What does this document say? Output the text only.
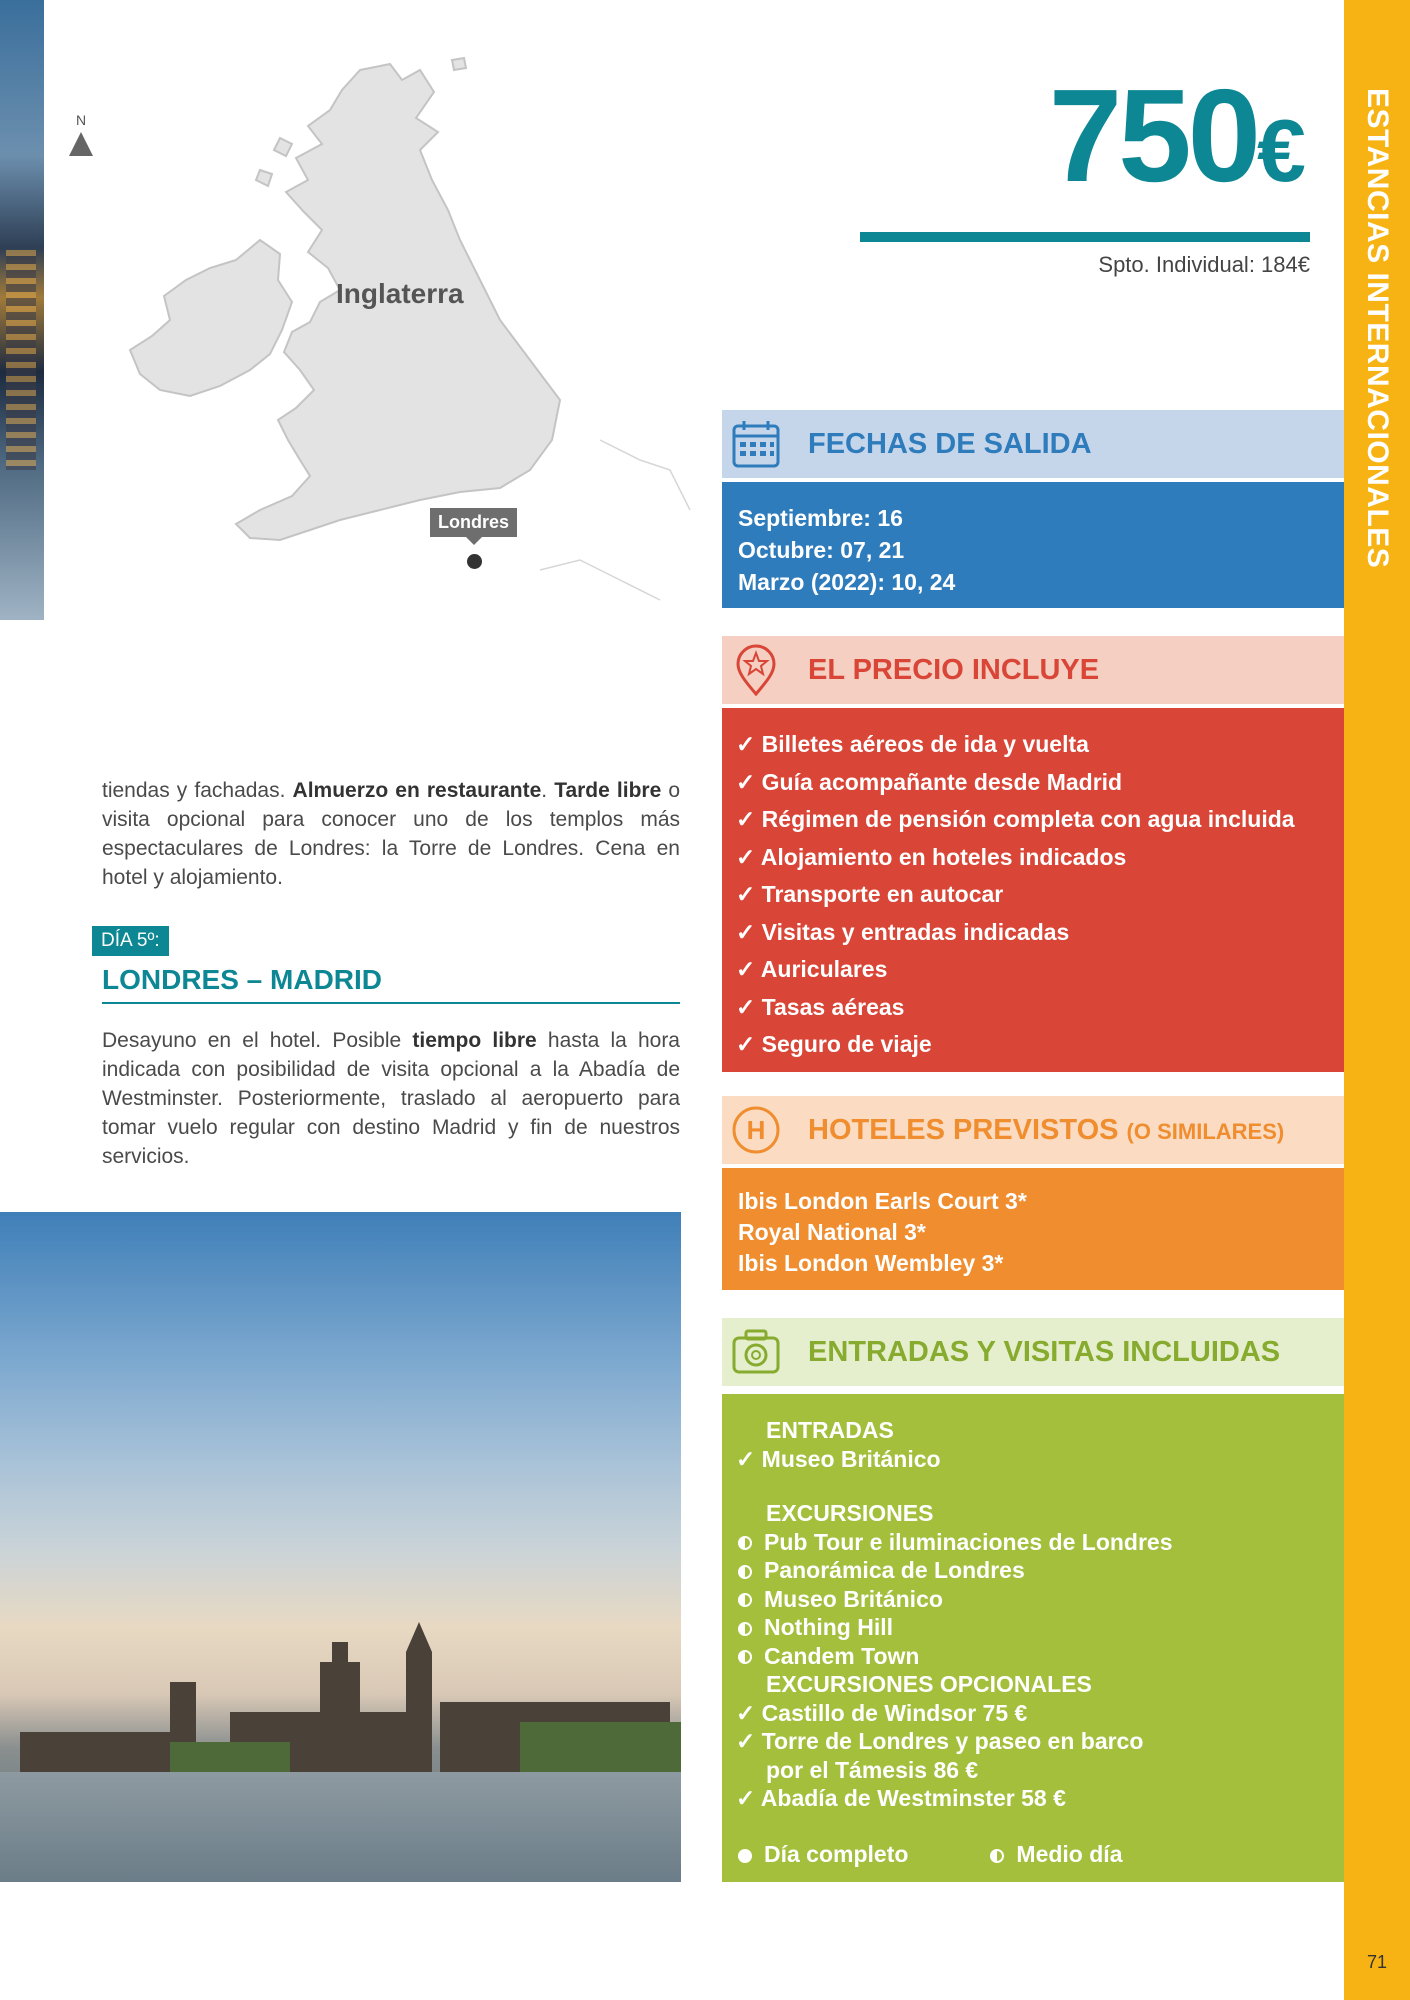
N
Inglaterra
Londres
750€
Spto. Individual: 184€ ESTANCIAS INTERNACIONALES
71

tiendas y fachadas. Almuerzo en restaurante. Tarde libre o visita opcional para conocer uno de los templos más espectaculares de Londres: la Torre de Londres. Cena en hotel y alojamiento.

DÍA 5º:
LONDRES – MADRID

Desayuno en el hotel. Posible tiempo libre hasta la hora indicada con posibilidad de visita opcional a la Abadía de Westminster. Posteriormente, traslado al aeropuerto para tomar vuelo regular con destino Madrid y fin de nuestros servicios.

FECHAS DE SALIDA
Septiembre: 16
Octubre: 07, 21
Marzo (2022): 10, 24
EL PRECIO INCLUYE
✓ Billetes aéreos de ida y vuelta
✓ Guía acompañante desde Madrid
✓ Régimen de pensión completa con agua incluida
✓ Alojamiento en hoteles indicados
✓ Transporte en autocar
✓ Visitas y entradas indicadas
✓ Auriculares
✓ Tasas aéreas
✓ Seguro de viaje
H HOTELES PREVISTOS (O SIMILARES)
Ibis London Earls Court 3*
Royal National 3*
Ibis London Wembley 3*
ENTRADAS Y VISITAS INCLUIDAS
ENTRADAS
✓ Museo Británico
EXCURSIONES
Pub Tour e iluminaciones de Londres
Panorámica de Londres
Museo Británico
Nothing Hill
Candem Town
EXCURSIONES OPCIONALES
✓ Castillo de Windsor 75 €
✓ Torre de Londres y paseo en barco
por el Támesis 86 €
✓ Abadía de Westminster 58 €
Día completo	Medio día
